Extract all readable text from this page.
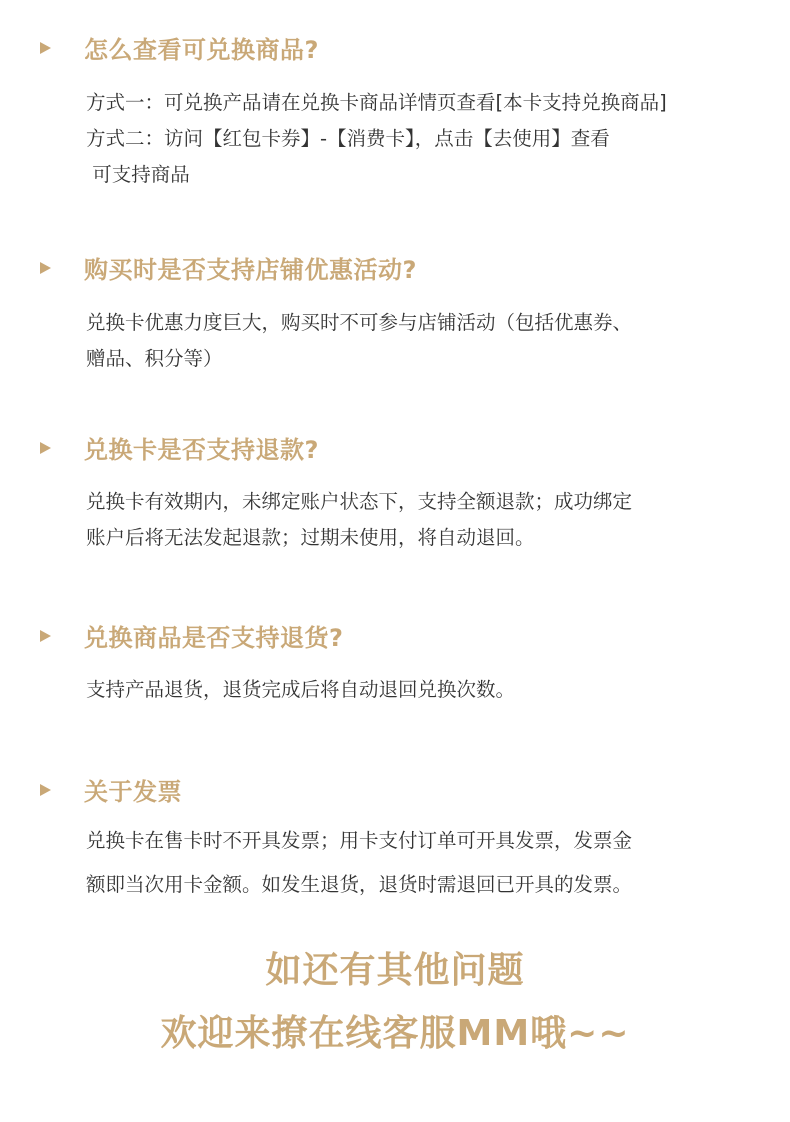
怎么查看可兑换商品?

方式一：可兑换产品请在兑换卡商品详情页查看[本卡支持兑换商品]

方式二：访问【红包卡券】-【消费卡】，点击【去使用】查看

可支持商品

购买时是否支持店铺优惠活动?

兑换卡优惠力度巨大，购买时不可参与店铺活动（包括优惠券、

赠品、积分等）

兑换卡是否支持退款?

兑换卡有效期内，未绑定账户状态下，支持全额退款；成功绑定

账户后将无法发起退款；过期未使用，将自动退回。

兑换商品是否支持退货?

支持产品退货，退货完成后将自动退回兑换次数。

关于发票

兑换卡在售卡时不开具发票；用卡支付订单可开具发票，发票金

额即当次用卡金额。如发生退货，退货时需退回已开具的发票。

如还有其他问题
欢迎来撩在线客服MM哦~~
